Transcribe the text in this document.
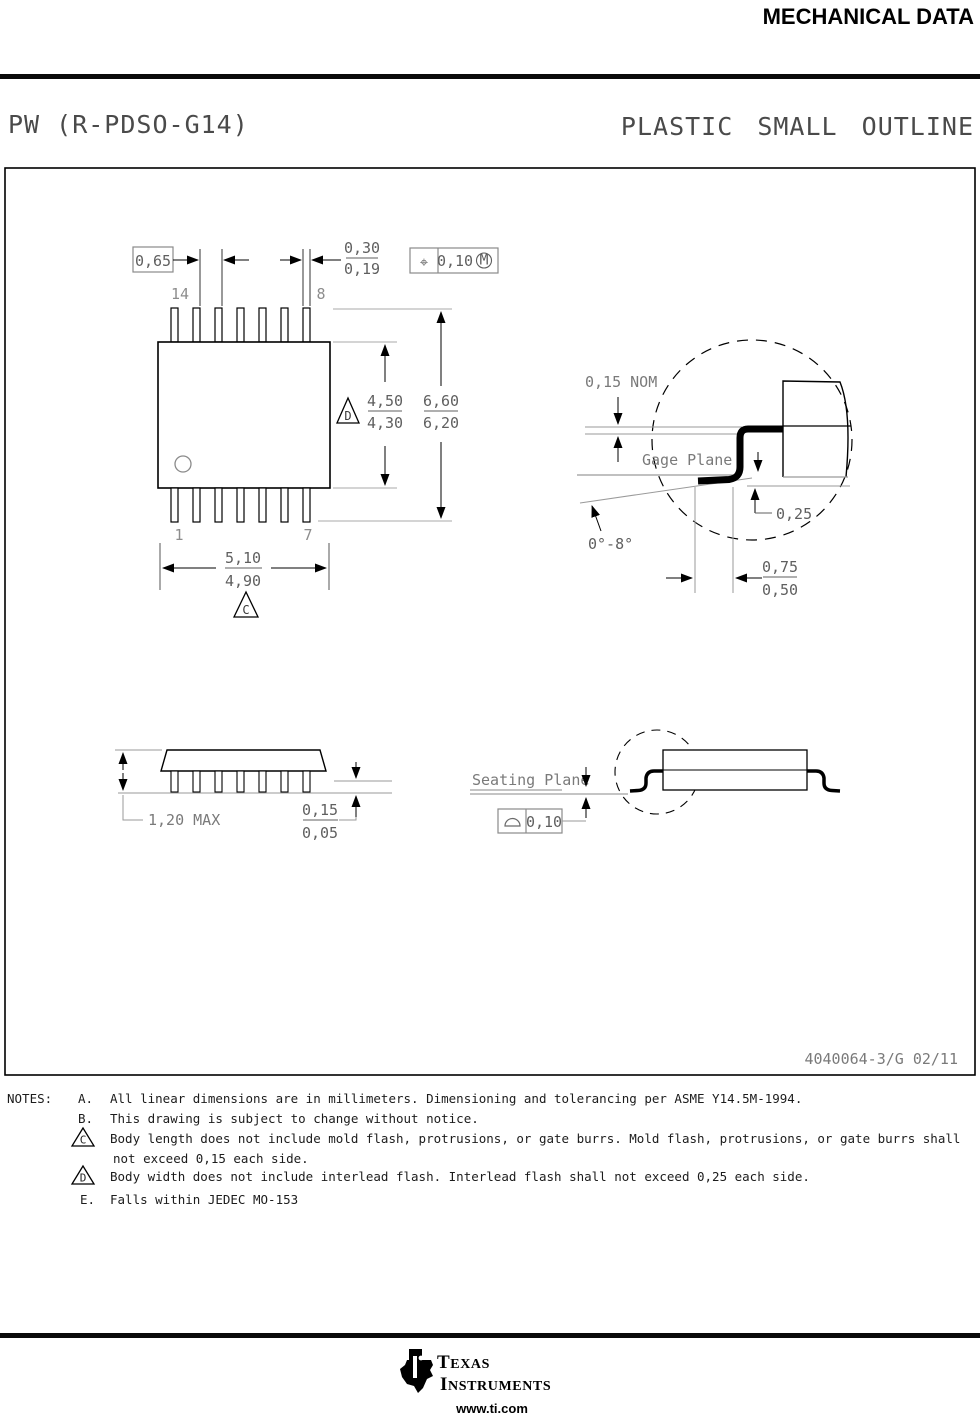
MECHANICAL DATA
PW (R-PDSO-G14)	PLASTIC SMALL OUTLINE
0,65
0,30
0,19	⌖ 0,10 M
14	8
1	7
D
4,50
4,30
6,60
6,20
5,10
4,90
C
0,15 NOM
Gage Plane
0°-8°
0,25
0,75
0,50
1,20 MAX
0,15
0,05
Seating Plane
0,10
4040064-3/G 02/11
NOTES: A. All linear dimensions are in millimeters. Dimensioning and tolerancing per ASME Y14.5M-1994.
B. This drawing is subject to change without notice.
C Body length does not include mold flash, protrusions, or gate burrs. Mold flash, protrusions, or gate burrs shall
not exceed 0,15 each side.
D Body width does not include interlead flash. Interlead flash shall not exceed 0,25 each side.
E. Falls within JEDEC MO-153
TEXAS
INSTRUMENTS
www.ti.com
